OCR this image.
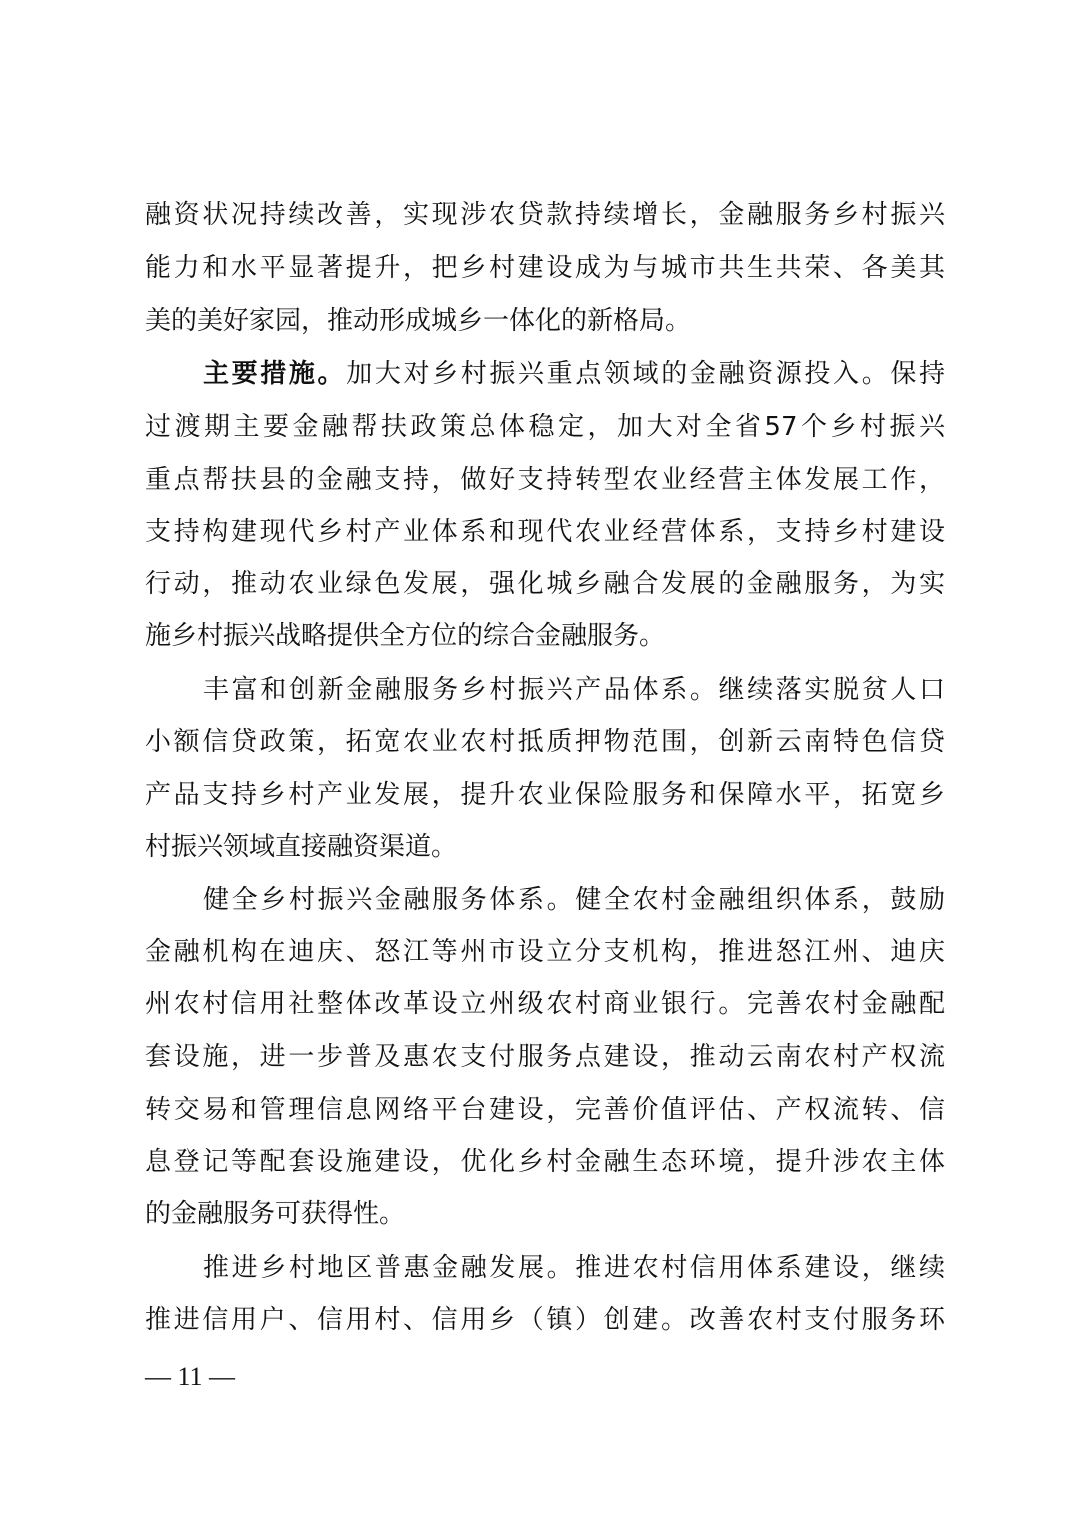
融资状况持续改善，实现涉农贷款持续增长，金融服务乡村振兴
能力和水平显著提升，把乡村建设成为与城市共生共荣、各美其
美的美好家园，推动形成城乡一体化的新格局。
主要措施。加大对乡村振兴重点领域的金融资源投入。保持
过渡期主要金融帮扶政策总体稳定，加大对全省57个乡村振兴
重点帮扶县的金融支持，做好支持转型农业经营主体发展工作，
支持构建现代乡村产业体系和现代农业经营体系，支持乡村建设
行动，推动农业绿色发展，强化城乡融合发展的金融服务，为实
施乡村振兴战略提供全方位的综合金融服务。
丰富和创新金融服务乡村振兴产品体系。继续落实脱贫人口
小额信贷政策，拓宽农业农村抵质押物范围，创新云南特色信贷
产品支持乡村产业发展，提升农业保险服务和保障水平，拓宽乡
村振兴领域直接融资渠道。
健全乡村振兴金融服务体系。健全农村金融组织体系，鼓励
金融机构在迪庆、怒江等州市设立分支机构，推进怒江州、迪庆
州农村信用社整体改革设立州级农村商业银行。完善农村金融配
套设施，进一步普及惠农支付服务点建设，推动云南农村产权流
转交易和管理信息网络平台建设，完善价值评估、产权流转、信
息登记等配套设施建设，优化乡村金融生态环境，提升涉农主体
的金融服务可获得性。
推进乡村地区普惠金融发展。推进农村信用体系建设，继续
推进信用户、信用村、信用乡（镇）创建。改善农村支付服务环
— 11 —
